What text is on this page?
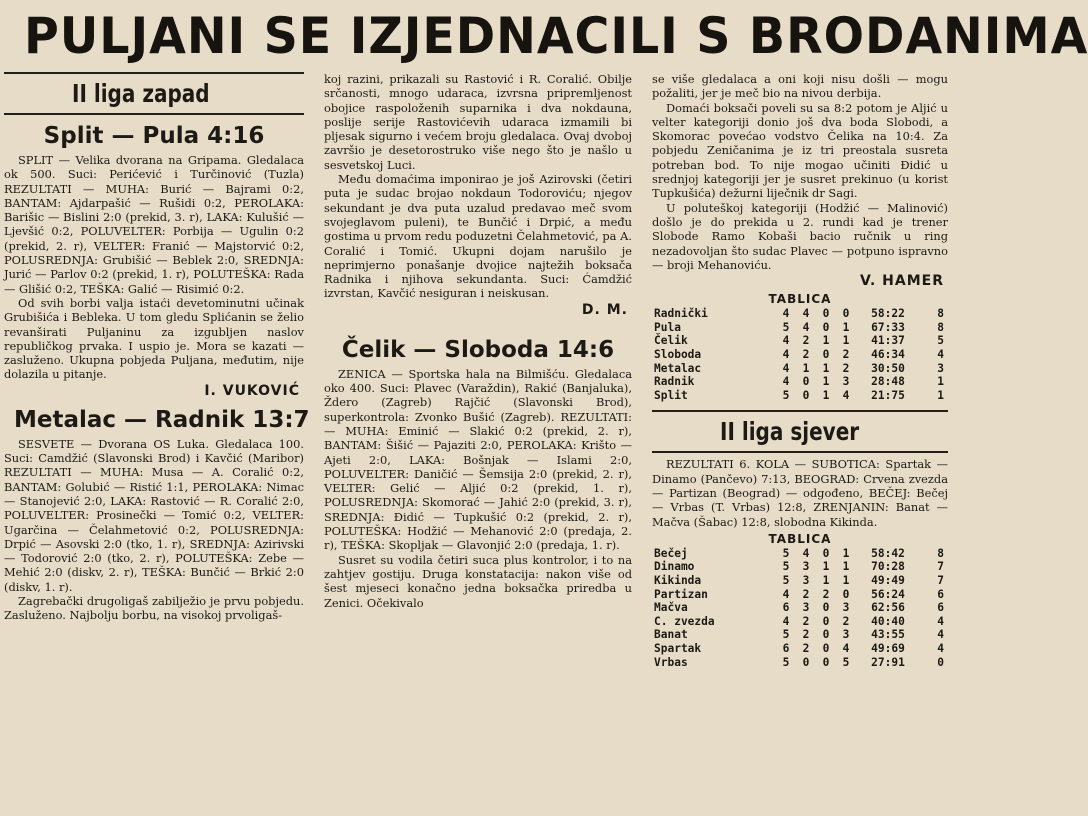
PULJANI SE IZJEDNACILI S BRODANIMA
II liga zapad
Split — Pula 4:16

SPLIT — Velika dvorana na Gripama. Gledalaca ok 500. Suci: Perićević i Turčinović (Tuzla) REZULTATI — MUHA: Burić — Bajrami 0:2, BANTAM: Ajdarpašić — Rušidi 0:2, PEROLAKA: Barišic — Bislini 2:0 (prekid, 3. r), LAKA: Kulušić — Ljevšić 0:2, POLUVELTER: Porbija — Ugulin 0:2 (prekid, 2. r), VELTER: Franić — Majstorvić 0:2, POLUSREDNJA: Grubišić — Beblek 2:0, SREDNJA: Jurić — Parlov 0:2 (prekid, 1. r), POLUTEŠKA: Rada — Glišić 0:2, TEŠKA: Galić — Risimić 0:2.

Od svih borbi valja istaći devetominutni učinak Grubišića i Bebleka. U tom gledu Splićanin se želio revanširati Puljaninu za izgubljen naslov republičkog prvaka. I uspio je. Mora se kazati — zasluženo. Ukupna pobjeda Puljana, međutim, nije dolazila u pitanje.

I. VUKOVIĆ
Metalac — Radnik 13:7

SESVETE — Dvorana OS Luka. Gledalaca 100. Suci: Camdžić (Slavonski Brod) i Kavčić (Maribor) REZULTATI — MUHA: Musa — A. Coralić 0:2, BANTAM: Golubić — Ristić 1:1, PEROLAKA: Nimac — Stanojević 2:0, LAKA: Rastović — R. Coralić 2:0, POLUVELTER: Prosinečki — Tomić 0:2, VELTER: Ugarčina — Čelahmetović 0:2, POLUSREDNJA: Drpić — Asovski 2:0 (tko, 1. r), SREDNJA: Azirivski — Todorović 2:0 (tko, 2. r), POLUTEŠKA: Zebe — Mehić 2:0 (diskv, 2. r), TEŠKA: Bunčić — Brkić 2:0 (diskv, 1. r).

Zagrebački drugoligaš zabilježio je prvu pobjedu. Zasluženo. Najbolju borbu, na visokoj prvoligaš-

koj razini, prikazali su Rastović i R. Coralić. Obilje srčanosti, mnogo udaraca, izvrsna pripremljenost obojice raspoloženih suparnika i dva nokdauna, poslije serije Rastovićevih udaraca izmamili bi pljesak sigurno i većem broju gledalaca. Ovaj dvoboj završio je desetorostruko više nego što je našlo u sesvetskoj Luci.

Među domaćima imponirao je još Azirovski (četiri puta je sudac brojao nokdaun Todoroviću; njegov sekundant je dva puta uzalud predavao meč svom svojeglavom puleni), te Bunčić i Drpić, a među gostima u prvom redu poduzetni Čelahmetović, pa A. Coralić i Tomić. Ukupni dojam narušilo je neprimjerno ponašanje dvojice najtežih boksača Radnika i njihova sekundanta. Suci: Ćamdžić izvrstan, Kavčić nesiguran i neiskusan.

D. M.
Čelik — Sloboda 14:6

ZENICA — Sportska hala na Bilmišću. Gledalaca oko 400. Suci: Plavec (Varaždin), Rakić (Banjaluka), Ždero (Zagreb) Rajčić (Slavonski Brod), superkontrola: Zvonko Bušić (Zagreb). REZULTATI: — MUHA: Eminić — Slakić 0:2 (prekid, 2. r), BANTAM: Šišić — Pajaziti 2:0, PEROLAKA: Krišto — Ajeti 2:0, LAKA: Bošnjak — Islami 2:0, POLUVELTER: Daničić — Šemsija 2:0 (prekid, 2. r), VELTER: Gelić — Aljić 0:2 (prekid, 1. r), POLUSREDNJA: Skomorać — Jahić 2:0 (prekid, 3. r), SREDNJA: Đidić — Tupkušić 0:2 (prekid, 2. r), POLUTEŠKA: Hodžić — Mehanović 2:0 (predaja, 2. r), TEŠKA: Skopljak — Glavonjić 2:0 (predaja, 1. r).

Susret su vodila četiri suca plus kontrolor, i to na zahtjev gostiju. Druga konstatacija: nakon više od šest mjeseci konačno jedna boksačka priredba u Zenici. Očekivalo

se više gledalaca a oni koji nisu došli — mogu požaliti, jer je meč bio na nivou derbija.

Domaći boksači poveli su sa 8:2 potom je Aljić u velter kategoriji donio još dva boda Slobodi, a Skomorac povećao vodstvo Čelika na 10:4. Za pobjedu Zeničanima je iz tri preostala susreta potreban bod. To nije mogao učiniti Đidić u srednjoj kategoriji jer je susret prekinuo (u korist Tupkušića) dežurni liječnik dr Sagi.

U poluteškoj kategoriji (Hodžić — Malinović) došlo je do prekida u 2. rundi kad je trener Slobode Ramo Kobaši bacio ručnik u ring nezadovoljan što sudac Plavec — potpuno ispravno — broji Mehanoviću.

V. HAMER
TABLICA
Radnički	4	4	0	0	58:22	8
Pula	5	4	0	1	67:33	8
Čelik	4	2	1	1	41:37	5
Sloboda	4	2	0	2	46:34	4
Metalac	4	1	1	2	30:50	3
Radnik	4	0	1	3	28:48	1
Split	5	0	1	4	21:75	1
II liga sjever

REZULTATI 6. KOLA — SUBOTICA: Spartak — Dinamo (Pančevo) 7:13, BEOGRAD: Crvena zvezda — Partizan (Beograd) — odgođeno, BEČEJ: Bečej — Vrbas (T. Vrbas) 12:8, ZRENJANIN: Banat — Mačva (Šabac) 12:8, slobodna Kikinda.

TABLICA
Bečej	5	4	0	1	58:42	8
Dinamo	5	3	1	1	70:28	7
Kikinda	5	3	1	1	49:49	7
Partizan	4	2	2	0	56:24	6
Mačva	6	3	0	3	62:56	6
C. zvezda	4	2	0	2	40:40	4
Banat	5	2	0	3	43:55	4
Spartak	6	2	0	4	49:69	4
Vrbas	5	0	0	5	27:91	0
